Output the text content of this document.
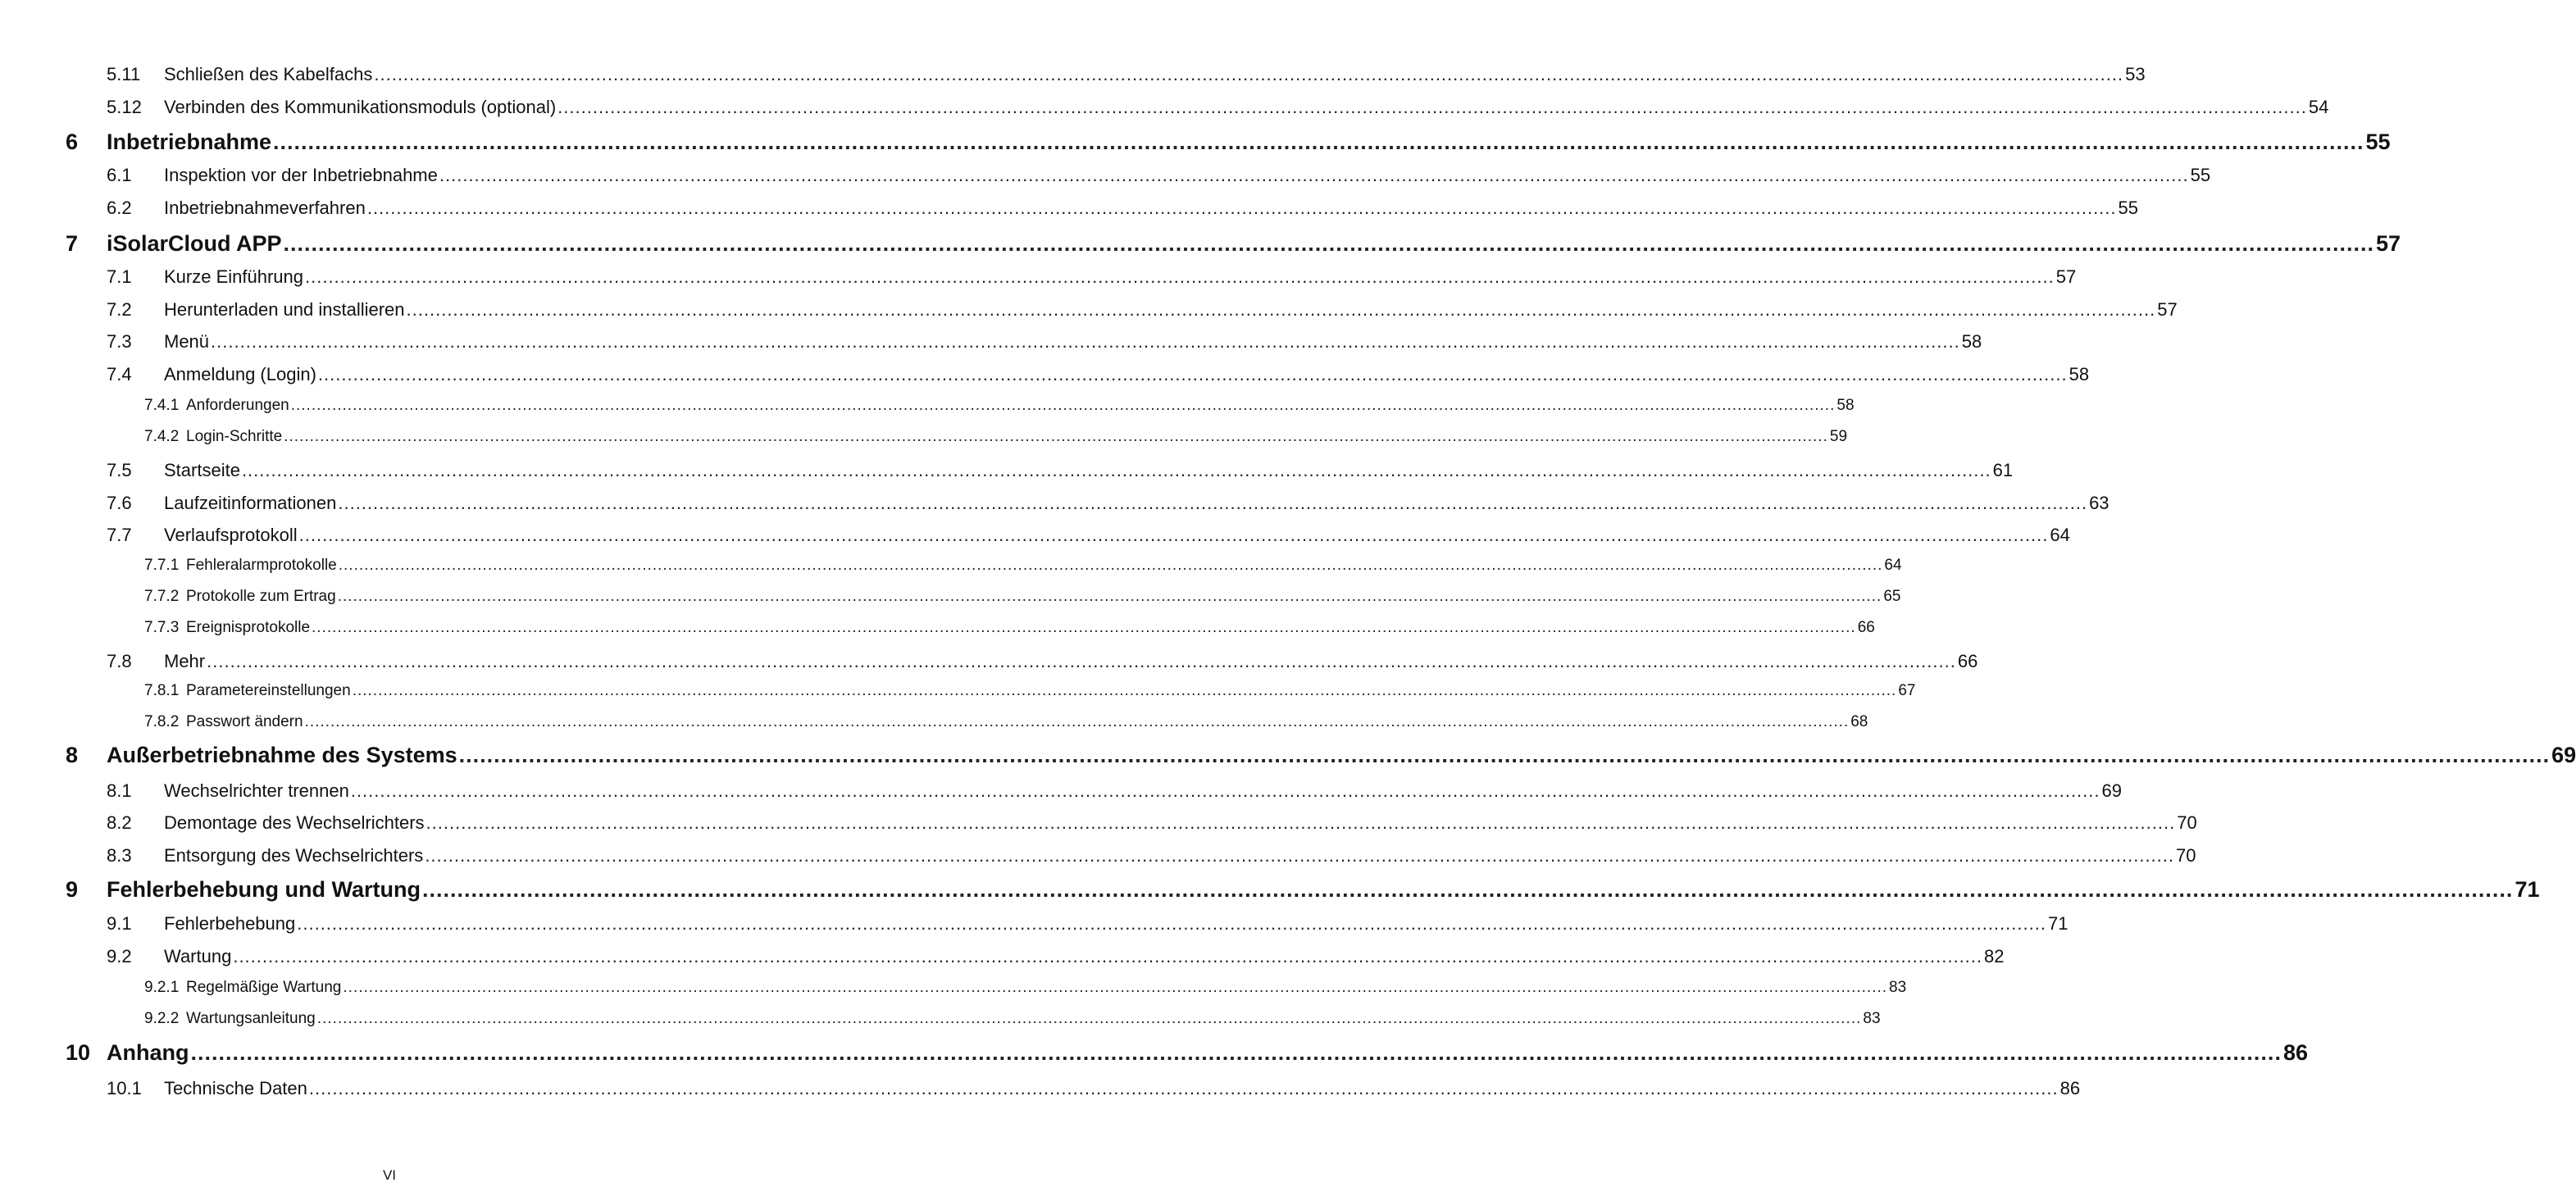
5.11	Schließen des Kabelfachs ............................................................................................................................................................................................................................................................................................................ 53
5.12	Verbinden des Kommunikationsmoduls (optional) ............................................................................................................................................................................................................................................................................................................ 54
6	Inbetriebnahme ............................................................................................................................................................................................................................................................................................................ 55
6.1	Inspektion vor der Inbetriebnahme ............................................................................................................................................................................................................................................................................................................ 55
6.2	Inbetriebnahmeverfahren ............................................................................................................................................................................................................................................................................................................ 55
7	iSolarCloud APP ............................................................................................................................................................................................................................................................................................................ 57
7.1	Kurze Einführung ............................................................................................................................................................................................................................................................................................................ 57
7.2	Herunterladen und installieren ............................................................................................................................................................................................................................................................................................................ 57
7.3	Menü ............................................................................................................................................................................................................................................................................................................ 58
7.4	Anmeldung (Login) ............................................................................................................................................................................................................................................................................................................ 58
7.4.1 Anforderungen ............................................................................................................................................................................................................................................................................................................ 58
7.4.2 Login-Schritte ............................................................................................................................................................................................................................................................................................................ 59
7.5	Startseite ............................................................................................................................................................................................................................................................................................................ 61
7.6	Laufzeitinformationen ............................................................................................................................................................................................................................................................................................................ 63
7.7	Verlaufsprotokoll ............................................................................................................................................................................................................................................................................................................ 64
7.7.1 Fehleralarmprotokolle ............................................................................................................................................................................................................................................................................................................ 64
7.7.2 Protokolle zum Ertrag ............................................................................................................................................................................................................................................................................................................ 65
7.7.3 Ereignisprotokolle ............................................................................................................................................................................................................................................................................................................ 66
7.8	Mehr ............................................................................................................................................................................................................................................................................................................ 66
7.8.1 Parametereinstellungen ............................................................................................................................................................................................................................................................................................................ 67
7.8.2 Passwort ändern ............................................................................................................................................................................................................................................................................................................ 68
8	Außerbetriebnahme des Systems ............................................................................................................................................................................................................................................................................................................ 69
8.1	Wechselrichter trennen ............................................................................................................................................................................................................................................................................................................ 69
8.2	Demontage des Wechselrichters ............................................................................................................................................................................................................................................................................................................ 70
8.3	Entsorgung des Wechselrichters ............................................................................................................................................................................................................................................................................................................ 70
9	Fehlerbehebung und Wartung ............................................................................................................................................................................................................................................................................................................ 71
9.1	Fehlerbehebung ............................................................................................................................................................................................................................................................................................................ 71
9.2	Wartung ............................................................................................................................................................................................................................................................................................................ 82
9.2.1 Regelmäßige Wartung ............................................................................................................................................................................................................................................................................................................ 83
9.2.2 Wartungsanleitung ............................................................................................................................................................................................................................................................................................................ 83
10 Anhang ............................................................................................................................................................................................................................................................................................................ 86
10.1	Technische Daten ............................................................................................................................................................................................................................................................................................................ 86
VI
